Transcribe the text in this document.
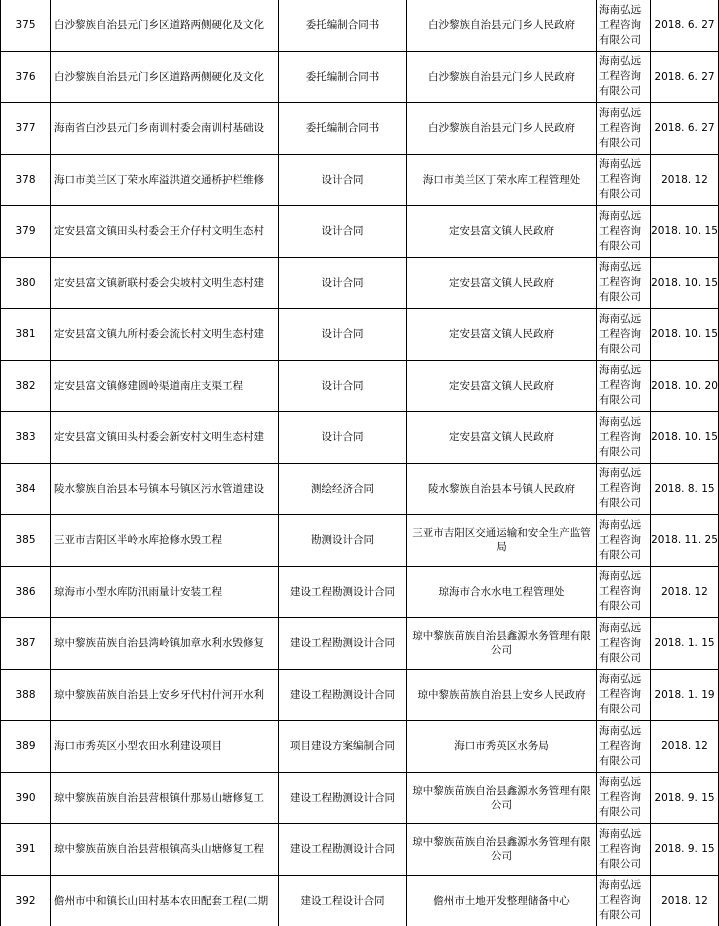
375	白沙黎族自治县元门乡区道路两侧硬化及文化	委托编制合同书	白沙黎族自治县元门乡人民政府	海南弘远
工程咨询
有限公司	2018. 6. 27
376	白沙黎族自治县元门乡区道路两侧硬化及文化	委托编制合同书	白沙黎族自治县元门乡人民政府	海南弘远
工程咨询
有限公司	2018. 6. 27
377	海南省白沙县元门乡南训村委会南训村基础设	委托编制合同书	白沙黎族自治县元门乡人民政府	海南弘远
工程咨询
有限公司	2018. 6. 27
378	海口市美兰区丁荣水库溢洪道交通桥护栏维修	设计合同	海口市美兰区丁荣水库工程管理处	海南弘远
工程咨询
有限公司	2018. 12
379	定安县富文镇田头村委会王介仔村文明生态村	设计合同	定安县富文镇人民政府	海南弘远
工程咨询
有限公司	2018. 10. 15
380	定安县富文镇新联村委会尖坡村文明生态村建	设计合同	定安县富文镇人民政府	海南弘远
工程咨询
有限公司	2018. 10. 15
381	定安县富文镇九所村委会流长村文明生态村建	设计合同	定安县富文镇人民政府	海南弘远
工程咨询
有限公司	2018. 10. 15
382	定安县富文镇修建圆岭渠道南庄支渠工程	设计合同	定安县富文镇人民政府	海南弘远
工程咨询
有限公司	2018. 10. 20
383	定安县富文镇田头村委会新安村文明生态村建	设计合同	定安县富文镇人民政府	海南弘远
工程咨询
有限公司	2018. 10. 15
384	陵水黎族自治县本号镇本号镇区污水管道建设	测绘经济合同	陵水黎族自治县本号镇人民政府	海南弘远
工程咨询
有限公司	2018. 8. 15
385	三亚市吉阳区半岭水库抢修水毁工程	勘测设计合同	三亚市吉阳区交通运输和安全生产监管局	海南弘远
工程咨询
有限公司	2018. 11. 25
386	琼海市小型水库防汛雨量计安装工程	建设工程勘测设计合同	琼海市合水水电工程管理处	海南弘远
工程咨询
有限公司	2018. 12
387	琼中黎族苗族自治县湾岭镇加章水利水毁修复	建设工程勘测设计合同	琼中黎族苗族自治县鑫源水务管理有限公司	海南弘远
工程咨询
有限公司	2018. 1. 15
388	琼中黎族苗族自治县上安乡牙代村什河开水利	建设工程勘测设计合同	琼中黎族苗族自治县上安乡人民政府	海南弘远
工程咨询
有限公司	2018. 1. 19
389	海口市秀英区小型农田水利建设项目	项目建设方案编制合同	海口市秀英区水务局	海南弘远
工程咨询
有限公司	2018. 12
390	琼中黎族苗族自治县营根镇什那易山塘修复工	建设工程勘测设计合同	琼中黎族苗族自治县鑫源水务管理有限公司	海南弘远
工程咨询
有限公司	2018. 9. 15
391	琼中黎族苗族自治县营根镇高头山塘修复工程	建设工程勘测设计合同	琼中黎族苗族自治县鑫源水务管理有限公司	海南弘远
工程咨询
有限公司	2018. 9. 15
392	儋州市中和镇长山田村基本农田配套工程(二期	建设工程设计合同	儋州市土地开发整理储备中心	海南弘远
工程咨询
有限公司	2018. 12
